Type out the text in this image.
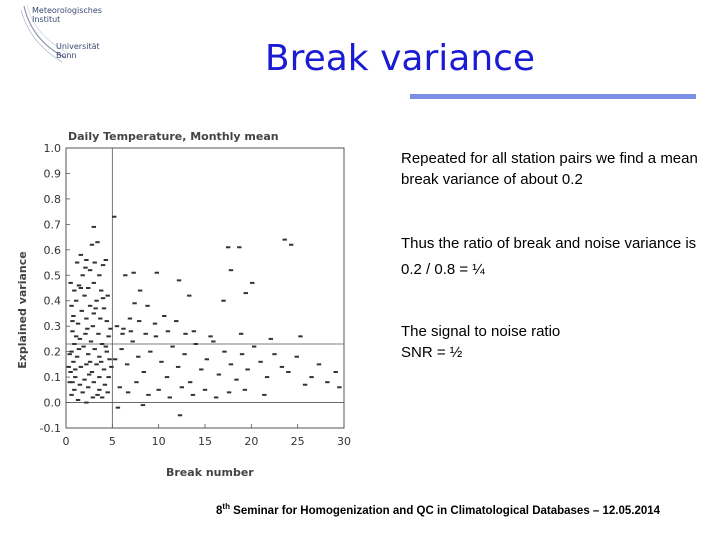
Meteorologisches
Institut
Universität
Bonn	Break variance
Daily Temperature, Monthly mean
Break number
Explained variance
0	5	10	15	20	25	30
-0.1
0.0
0.1
0.2
0.3
0.4
0.5
0.6
0.7
0.8
0.9
1.0
Repeated for all station pairs we find a mean break variance of about 0.2
Thus the ratio of break and noise variance is
0.2 / 0.8 = ¼
The signal to noise ratio
SNR = ½
8th Seminar for Homogenization and QC in Climatological Databases – 12.05.2014
